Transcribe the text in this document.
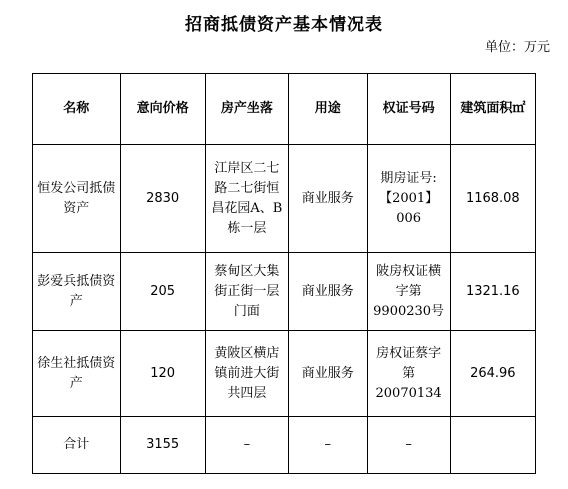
招商抵债资产基本情况表
单位：万元
名称	意向价格	房产坐落	用途	权证号码	建筑面积㎡
恒发公司抵债资产	2830	江岸区二七路二七街恒昌花园A、B栋一层	商业服务	期房证号:【2001】006	1168.08
彭爱兵抵债资产	205	蔡甸区大集街正街一层门面	商业服务	陂房权证横字第9900230号	1321.16
徐生社抵债资产	120	黄陂区横店镇前进大街共四层	商业服务	房权证蔡字第20070134	264.96
合计	3155	–	–	–	
